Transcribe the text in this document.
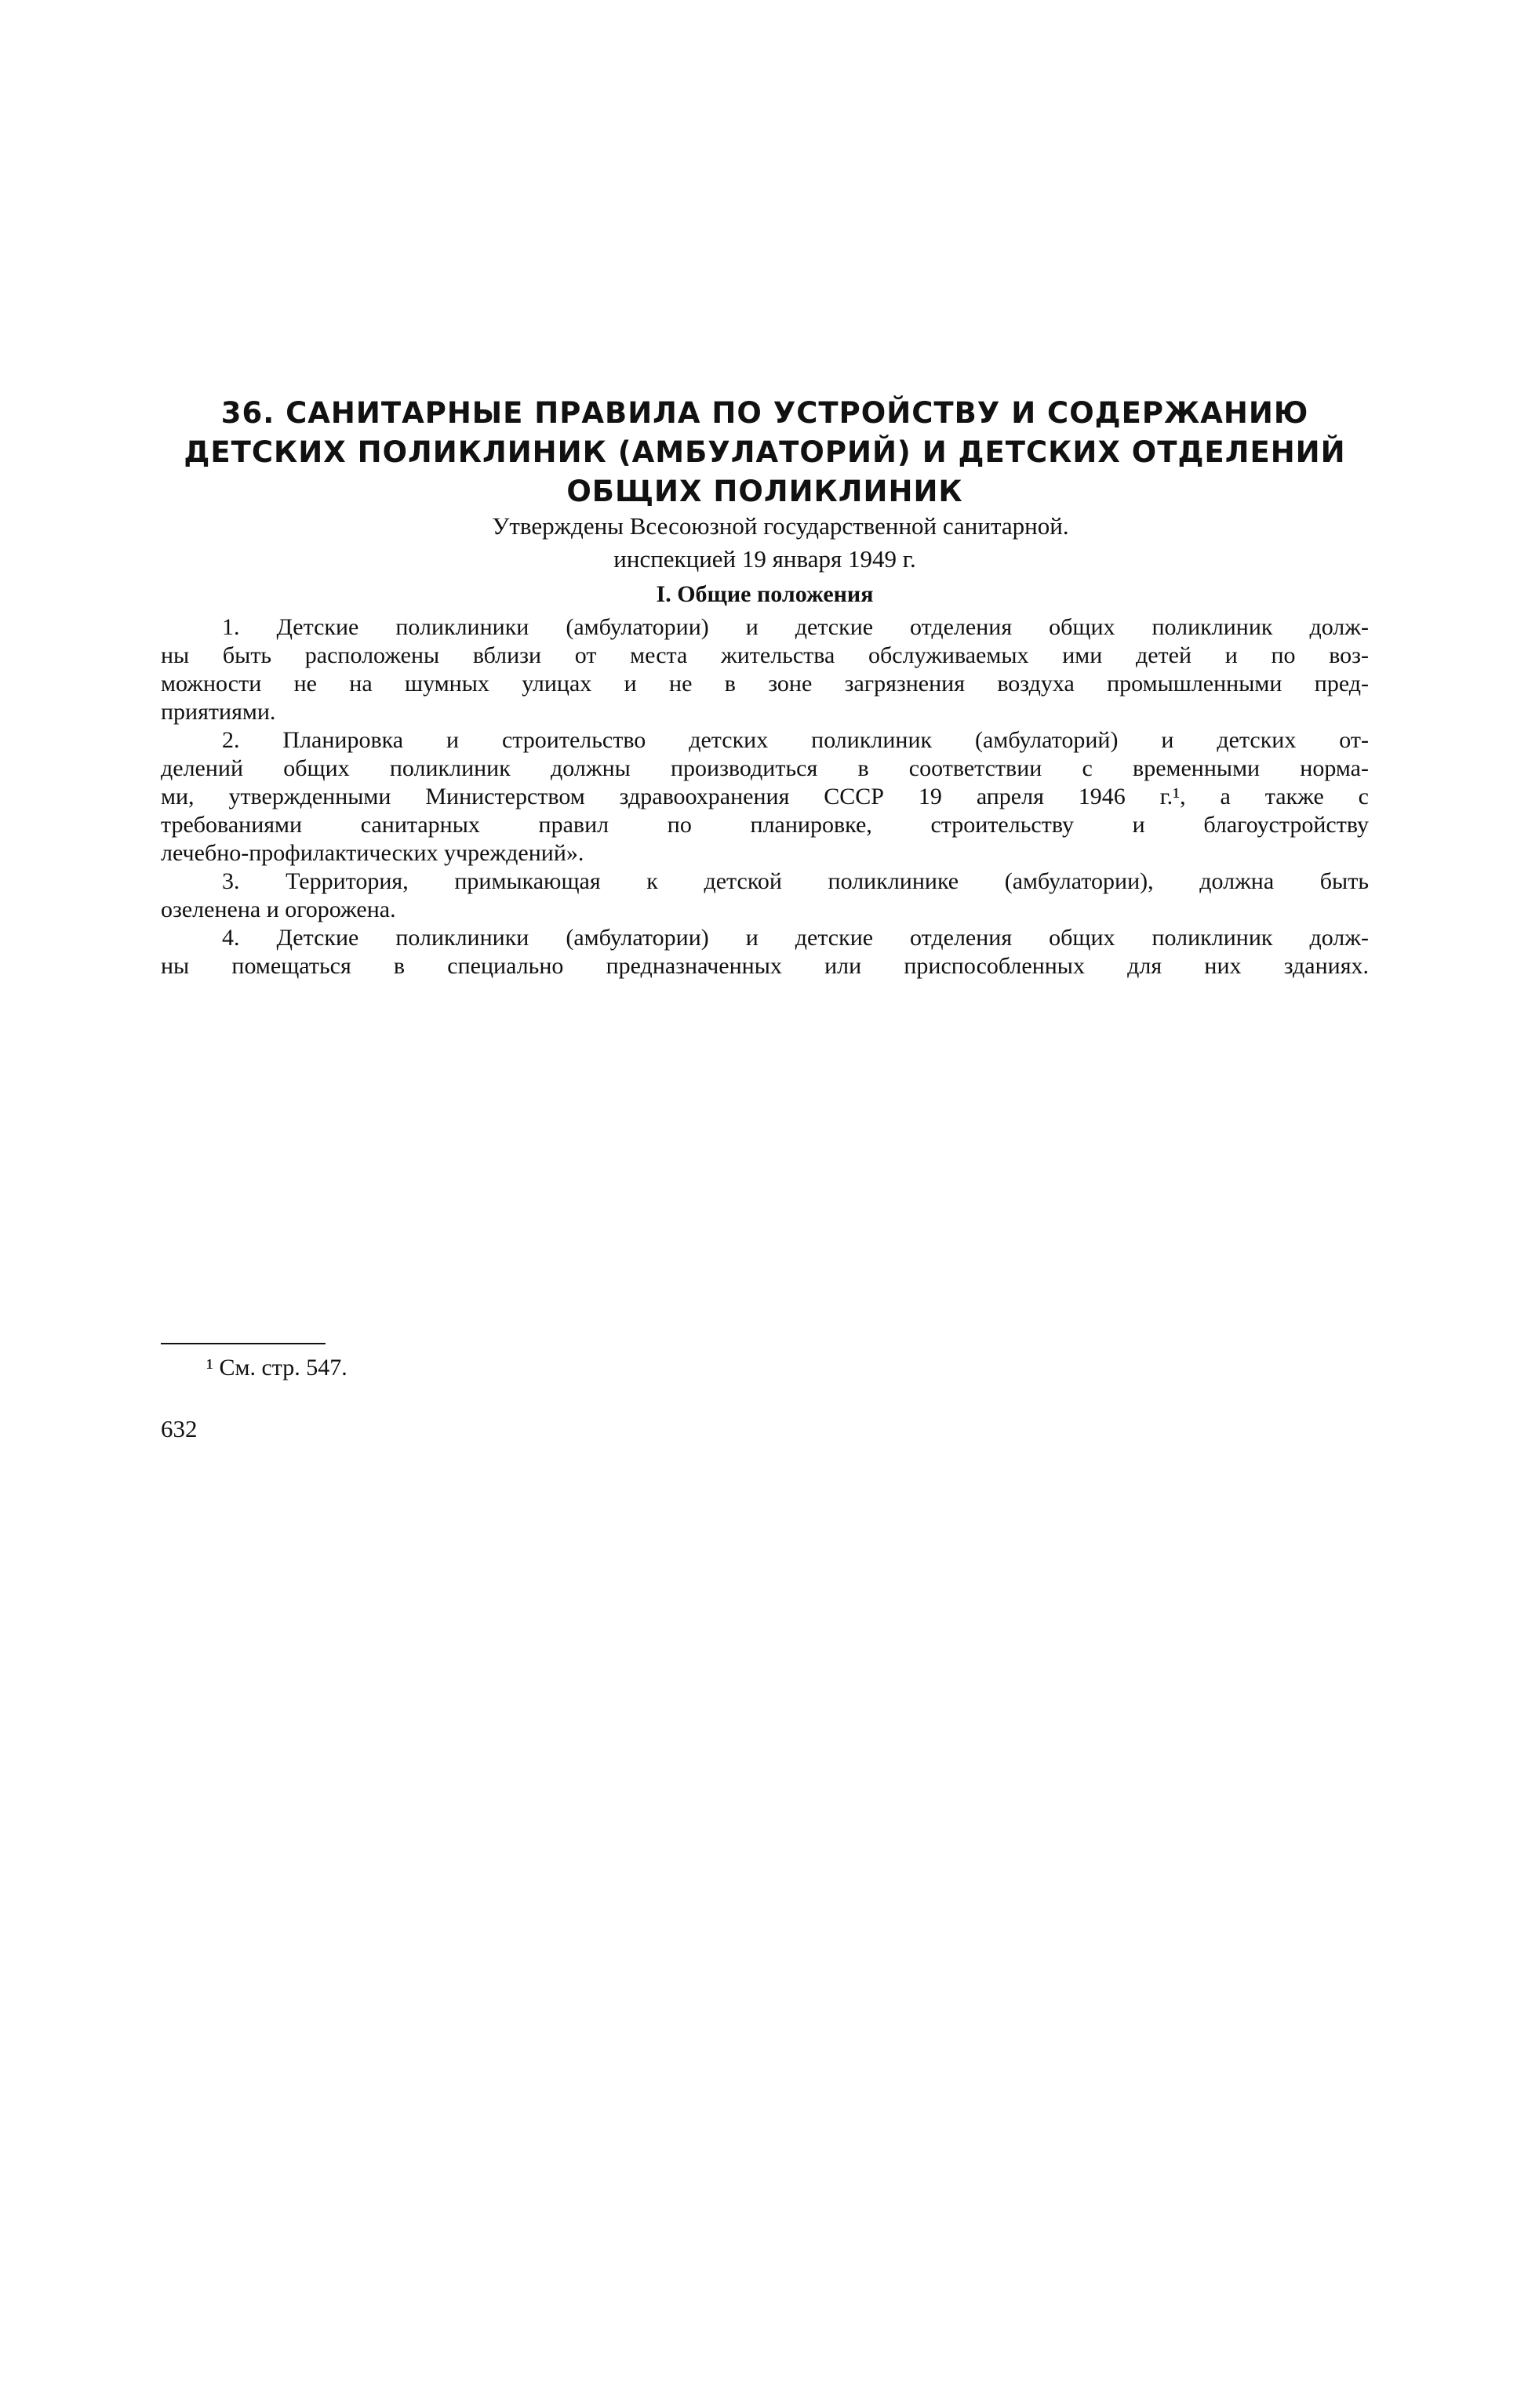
36. САНИТАРНЫЕ ПРАВИЛА ПО УСТРОЙСТВУ И СОДЕРЖАНИЮ
ДЕТСКИХ ПОЛИКЛИНИК (АМБУЛАТОРИЙ) И ДЕТСКИХ ОТДЕЛЕНИЙ
ОБЩИХ ПОЛИКЛИНИК
Утверждены Всесоюзной государственной санитарной.
инспекцией 19 января 1949 г.
I. Общие положения

1. Детские поликлиники (амбулатории) и детские отделения общих поликлиник долж-
ны быть расположены вблизи от места жительства обслуживаемых ими детей и по воз-
можности не на шумных улицах и не в зоне загрязнения воздуха промышленными пред-
приятиями.

2. Планировка и строительство детских поликлиник (амбулаторий) и детских от-
делений общих поликлиник должны производиться в соответствии с временными норма-
ми, утвержденными Министерством здравоохранения СССР 19 апреля 1946 г.¹, а также с
требованиями санитарных правил по планировке, строительству и благоустройству
лечебно-профилактических учреждений».

3. Территория, примыкающая к детской поликлинике (амбулатории), должна быть
озеленена и огорожена.

4. Детские поликлиники (амбулатории) и детские отделения общих поликлиник долж-
ны помещаться в специально предназначенных или приспособленных для них зданиях.

¹ См. стр. 547.
632
